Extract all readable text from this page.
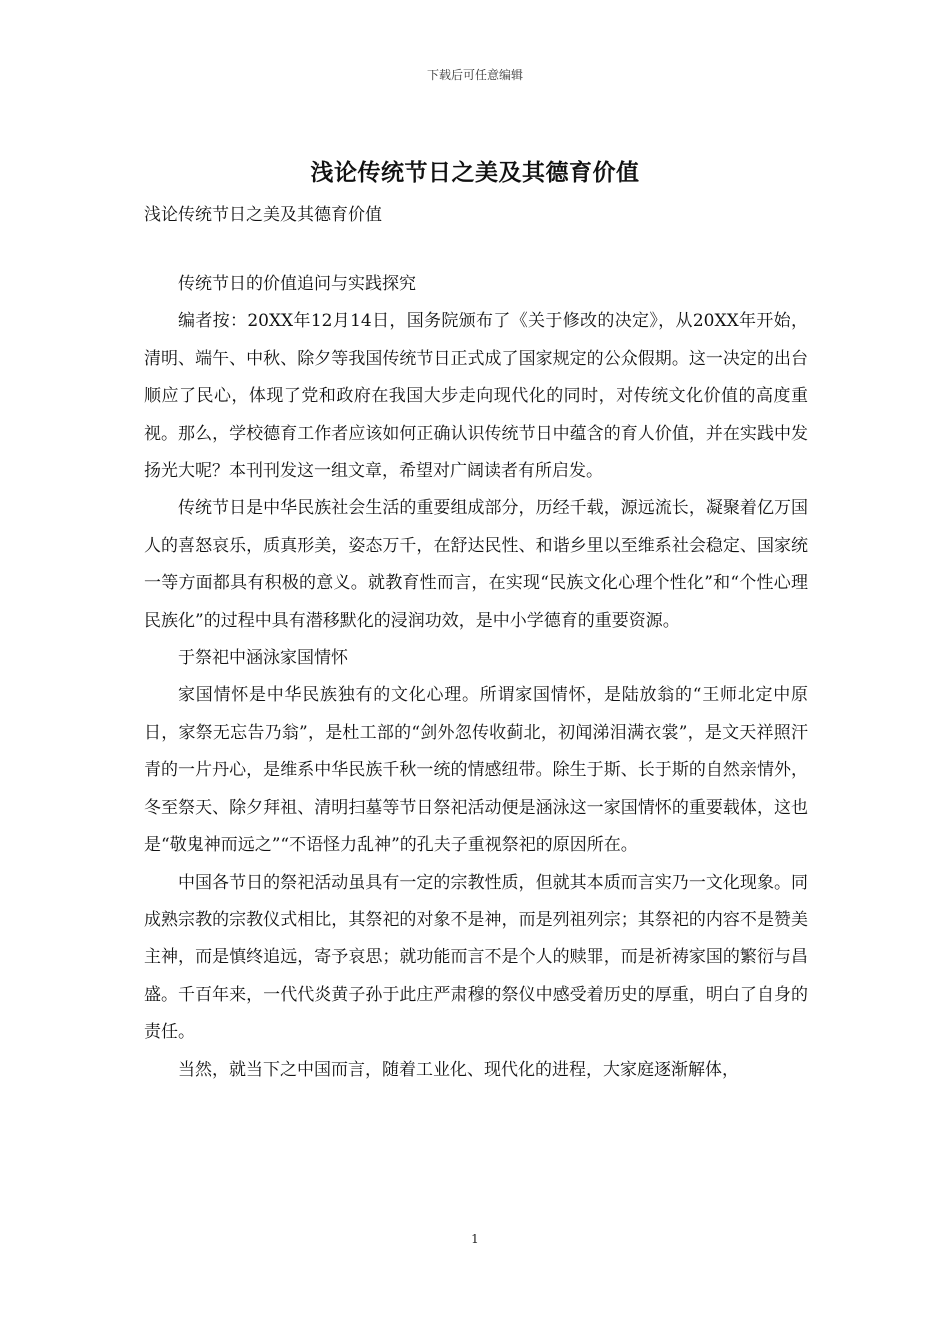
下载后可任意编辑
浅论传统节日之美及其德育价值
浅论传统节日之美及其德育价值

传统节日的价值追问与实践探究

编者按：20XX年12月14日，国务院颁布了《关于修改的决定》，从20XX年开始，清明、端午、中秋、除夕等我国传统节日正式成了国家规定的公众假期。这一决定的出台顺应了民心，体现了党和政府在我国大步走向现代化的同时，对传统文化价值的高度重视。那么，学校德育工作者应该如何正确认识传统节日中蕴含的育人价值，并在实践中发扬光大呢？本刊刊发这一组文章，希望对广阔读者有所启发。

传统节日是中华民族社会生活的重要组成部分，历经千载，源远流长，凝聚着亿万国人的喜怒哀乐，质真形美，姿态万千，在舒达民性、和谐乡里以至维系社会稳定、国家统一等方面都具有积极的意义。就教育性而言，在实现“民族文化心理个性化”和“个性心理民族化”的过程中具有潜移默化的浸润功效，是中小学德育的重要资源。

于祭祀中涵泳家国情怀

家国情怀是中华民族独有的文化心理。所谓家国情怀，是陆放翁的“王师北定中原日，家祭无忘告乃翁”，是杜工部的“剑外忽传收蓟北，初闻涕泪满衣裳”，是文天祥照汗青的一片丹心，是维系中华民族千秋一统的情感纽带。除生于斯、长于斯的自然亲情外，冬至祭天、除夕拜祖、清明扫墓等节日祭祀活动便是涵泳这一家国情怀的重要载体，这也是“敬鬼神而远之”“不语怪力乱神”的孔夫子重视祭祀的原因所在。

中国各节日的祭祀活动虽具有一定的宗教性质，但就其本质而言实乃一文化现象。同成熟宗教的宗教仪式相比，其祭祀的对象不是神，而是列祖列宗；其祭祀的内容不是赞美主神，而是慎终追远，寄予哀思；就功能而言不是个人的赎罪，而是祈祷家国的繁衍与昌盛。千百年来，一代代炎黄子孙于此庄严肃穆的祭仪中感受着历史的厚重，明白了自身的责任。

当然，就当下之中国而言，随着工业化、现代化的进程，大家庭逐渐解体，

1
